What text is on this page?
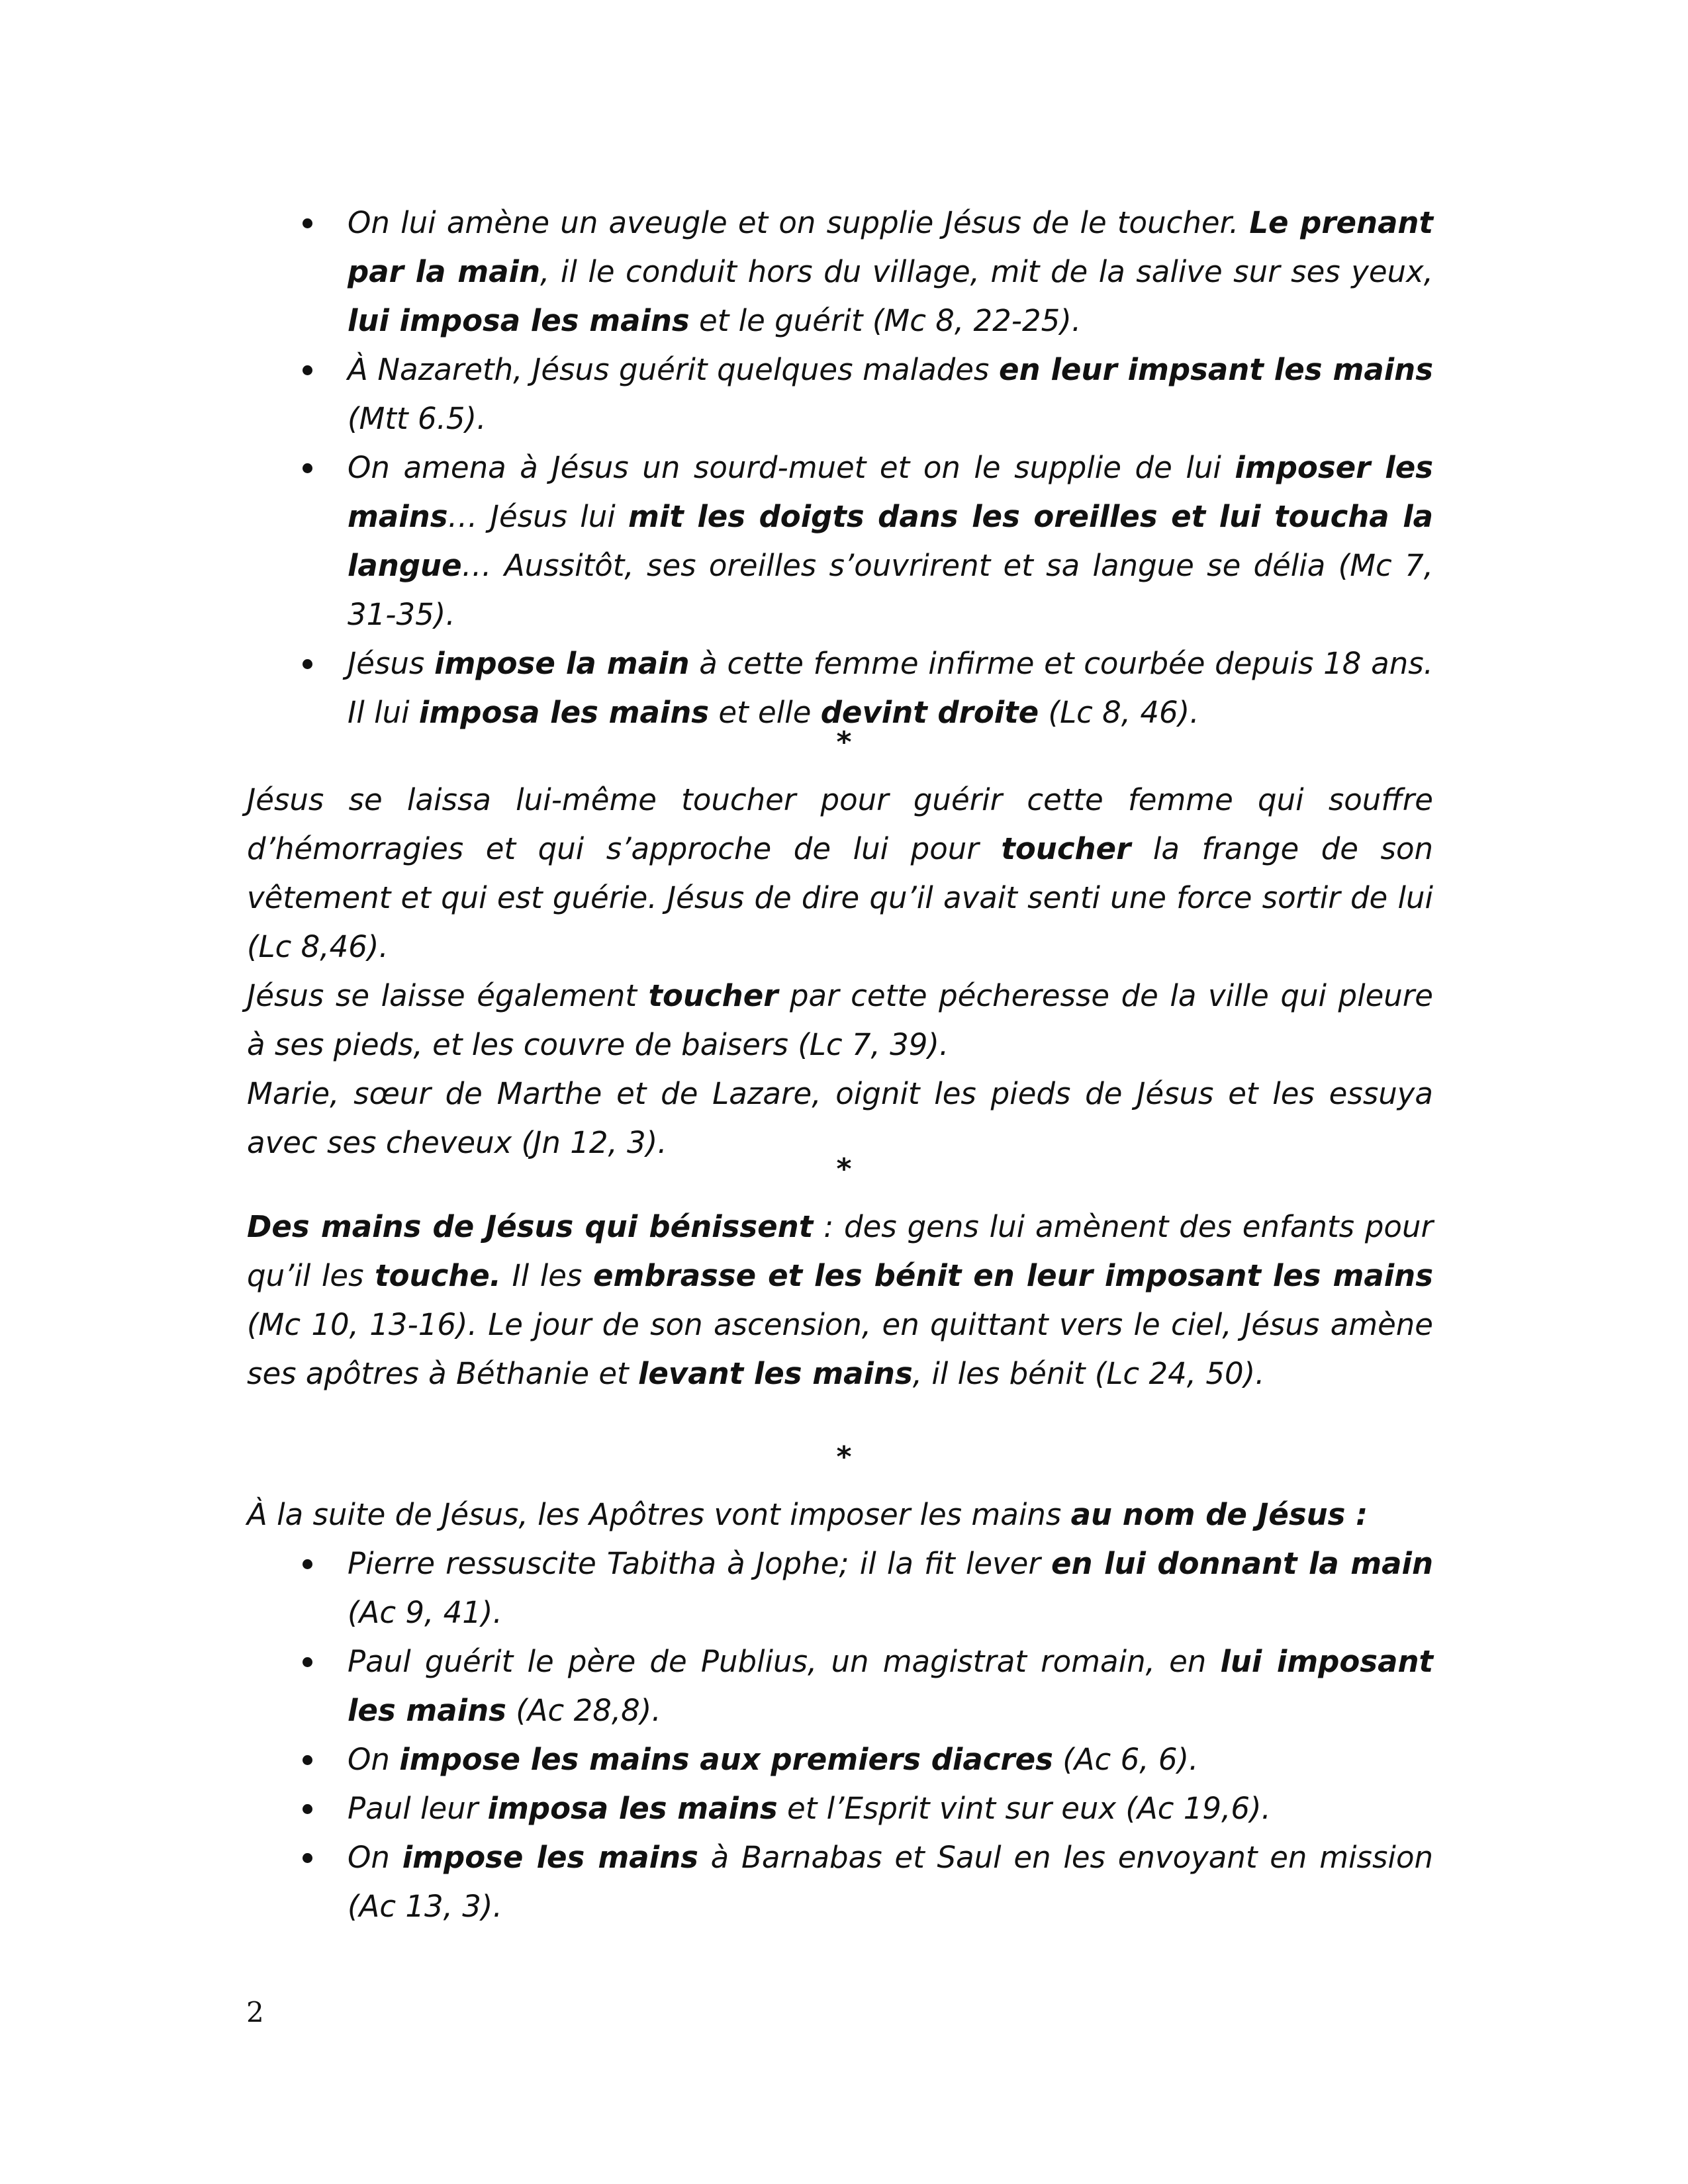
On lui amène un aveugle et on supplie Jésus de le toucher. Le prenant par la main, il le conduit hors du village, mit de la salive sur ses yeux, lui imposa les mains et le guérit (Mc 8, 22-25).
À Nazareth, Jésus guérit quelques malades en leur impsant les mains (Mtt 6.5).
On amena à Jésus un sourd-muet et on le supplie de lui imposer les mains… Jésus lui mit les doigts dans les oreilles et lui toucha la langue… Aussitôt, ses oreilles s’ouvrirent et sa langue se délia (Mc 7, 31-35).
Jésus impose la main à cette femme infirme et courbée depuis 18 ans. Il lui imposa les mains et elle devint droite (Lc 8, 46).
*
Jésus se laissa lui-même toucher pour guérir cette femme qui souffre d’hémorragies et qui s’approche de lui pour toucher la frange de son vêtement et qui est guérie. Jésus de dire qu’il avait senti une force sortir de lui (Lc 8,46).
Jésus se laisse également toucher par cette pécheresse de la ville qui pleure à ses pieds, et les couvre de baisers (Lc 7, 39).
Marie, sœur de Marthe et de Lazare, oignit les pieds de Jésus et les essuya avec ses cheveux (Jn 12, 3).
*
Des mains de Jésus qui bénissent : des gens lui amènent des enfants pour qu’il les touche. Il les embrasse et les bénit en leur imposant les mains (Mc 10, 13-16). Le jour de son ascension, en quittant vers le ciel, Jésus amène ses apôtres à Béthanie et levant les mains, il les bénit (Lc 24, 50).
*
À la suite de Jésus, les Apôtres vont imposer les mains au nom de Jésus :
Pierre ressuscite Tabitha à Jophe; il la fit lever en lui donnant la main (Ac 9, 41).
Paul guérit le père de Publius, un magistrat romain, en lui imposant les mains (Ac 28,8).
On impose les mains aux premiers diacres (Ac 6, 6).
Paul leur imposa les mains et l’Esprit vint sur eux (Ac 19,6).
On impose les mains à Barnabas et Saul en les envoyant en mission (Ac 13, 3).
2
